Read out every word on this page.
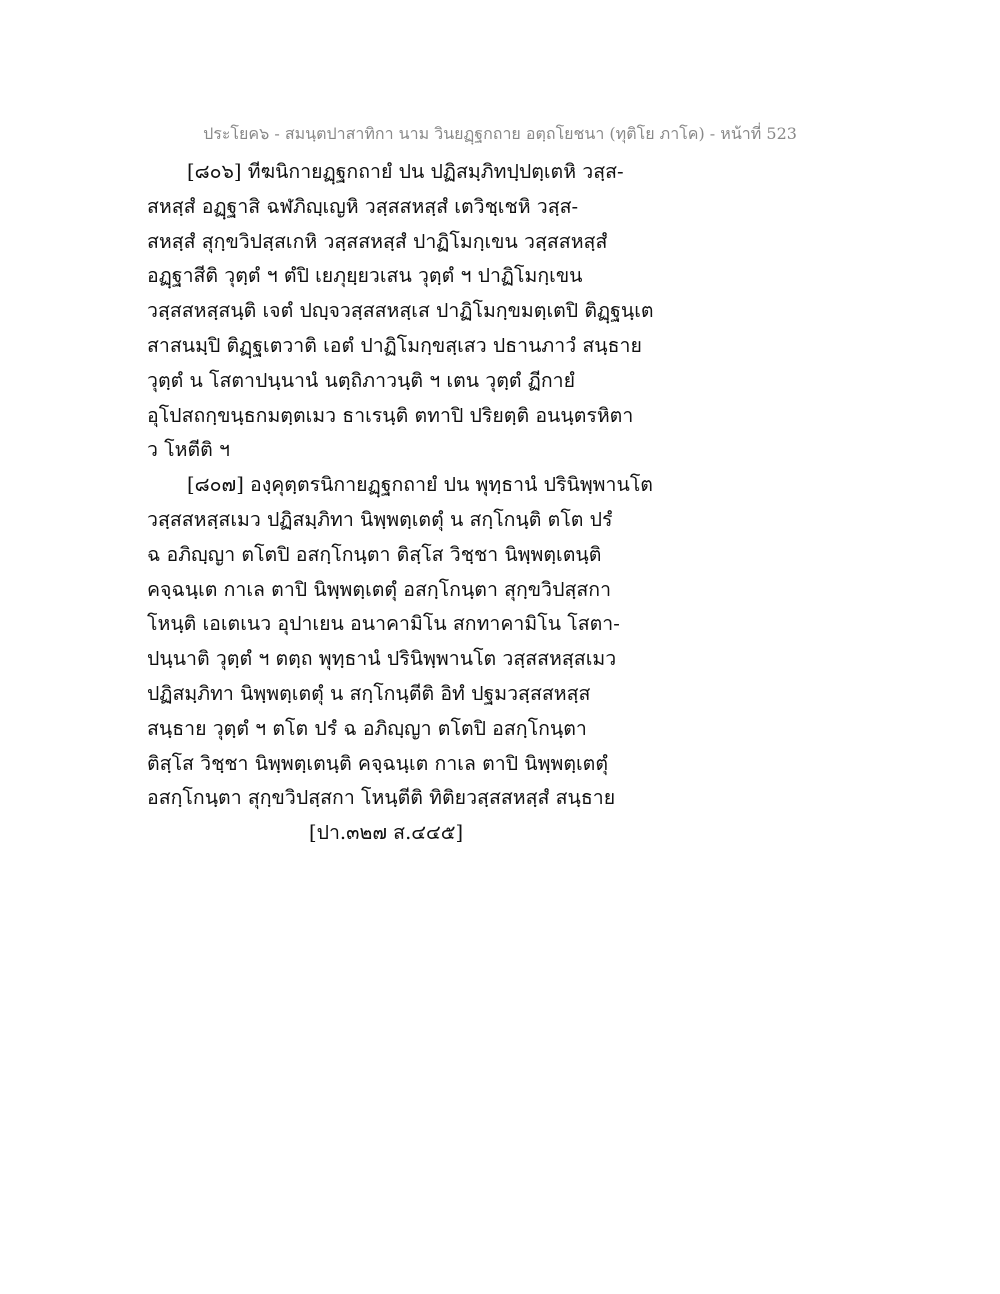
ประโยค๖ - สมนฺตปาสาทิกา นาม วินยฏฺฐกถาย อตฺถโยชนา (ทุติโย ภาโค) - หน้าที่ 523
[๘๐๖] ทีฆนิกายฏฺฐกถายํ ปน ปฏิสมฺภิทปฺปตฺเตหิ วสฺส-
สหสฺสํ อฏฺฐาสิ ฉฬภิญฺเญหิ วสฺสสหสฺสํ เตวิชฺเชหิ วสฺส-
สหสฺสํ สุกฺขวิปสฺสเกหิ วสฺสสหสฺสํ ปาฏิโมกฺเขน วสฺสสหสฺสํ
อฏฺฐาสีติ วุตฺตํ ฯ ตํปิ เยภุยฺยวเสน วุตฺตํ ฯ ปาฏิโมกฺเขน
วสฺสสหสฺสนฺติ เจตํ ปญฺจวสฺสสหสฺเส ปาฏิโมกฺขมตฺเตปิ ติฏฺฐนฺเต
สาสนมฺปิ ติฏฺฐเตวาติ เอตํ ปาฏิโมกฺขสฺเสว ปธานภาวํ สนฺธาย
วุตฺตํ น โสตาปนฺนานํ นตฺถิภาวนฺติ ฯ เตน วุตฺตํ ฏีกายํ
อุโปสถกฺขนฺธกมตฺตเมว ธาเรนฺติ ตทาปิ ปริยตฺติ อนนฺตรหิตา
ว โหตีติ ฯ
[๘๐๗] องฺคุตฺตรนิกายฏฺฐกถายํ ปน พุทฺธานํ ปรินิพฺพานโต
วสฺสสหสฺสเมว ปฏิสมฺภิทา นิพฺพตฺเตตุํ น สกฺโกนฺติ ตโต ปรํ
ฉ อภิญฺญา ตโตปิ อสกฺโกนฺตา ติสฺโส วิชฺชา นิพฺพตฺเตนฺติ
คจฺฉนฺเต กาเล ตาปิ นิพฺพตฺเตตุํ อสกฺโกนฺตา สุกฺขวิปสฺสกา
โหนฺติ เอเตเนว อุปาเยน อนาคามิโน สกทาคามิโน โสตา-
ปนฺนาติ วุตฺตํ ฯ ตตฺถ พุทฺธานํ ปรินิพฺพานโต วสฺสสหสฺสเมว
ปฏิสมฺภิทา นิพฺพตฺเตตุํ น สกฺโกนฺตีติ อิทํ ปฐมวสฺสสหสฺส
สนฺธาย วุตฺตํ ฯ ตโต ปรํ ฉ อภิญฺญา ตโตปิ อสกฺโกนฺตา
ติสฺโส วิชฺชา นิพฺพตฺเตนฺติ คจฺฉนฺเต กาเล ตาปิ นิพฺพตฺเตตุํ
อสกฺโกนฺตา สุกฺขวิปสฺสกา โหนฺตีติ ทิติยวสฺสสหสฺสํ สนฺธาย
[ปา.๓๒๗ ส.๔๔๕]
